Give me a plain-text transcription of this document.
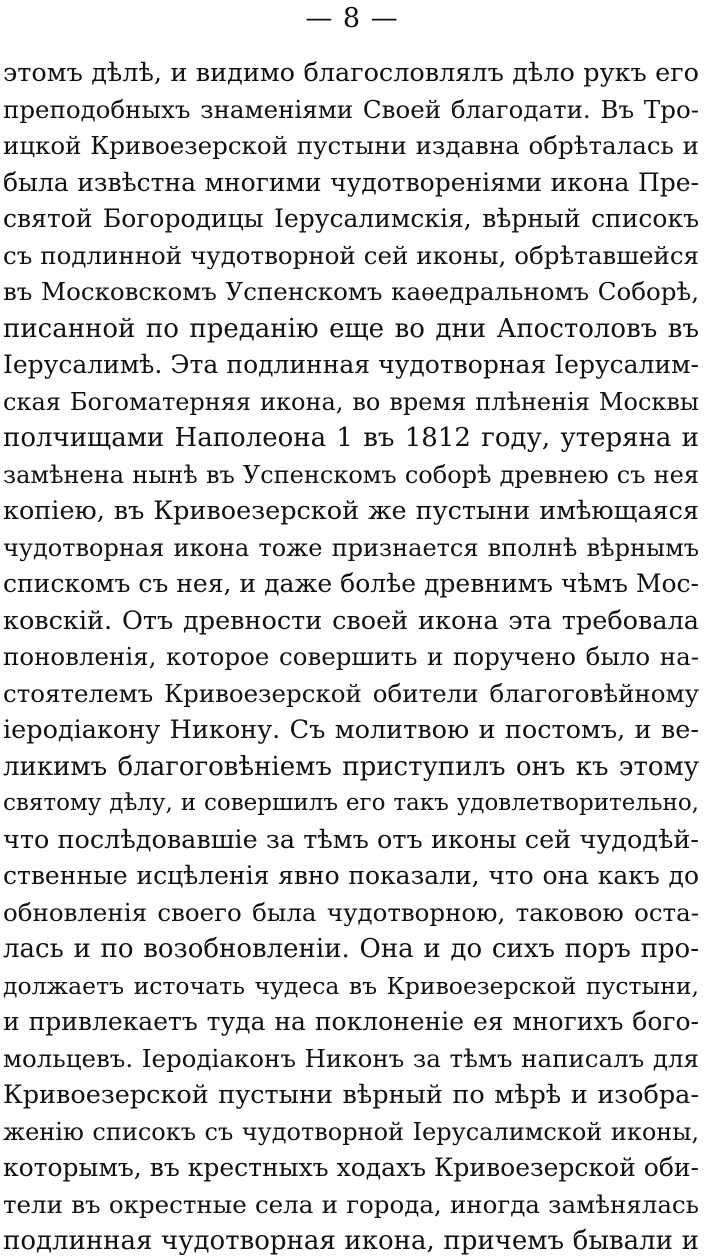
— 8 —
этомъ дѣлѣ, и видимо благословлялъ дѣло рукъ его
преподобныхъ знаменіями Своей благодати. Въ Тро-
ицкой Кривоезерской пустыни издавна обрѣталась и
была извѣстна многими чудотвореніями икона Пре-
святой Богородицы Іерусалимскія, вѣрный списокъ
съ подлинной чудотворной сей иконы, обрѣтавшейся
въ Московскомъ Успенскомъ каѳедральномъ Соборѣ,
писанной по преданію еще во дни Апостоловъ въ
Іерусалимѣ. Эта подлинная чудотворная Іерусалим-
ская Богоматерняя икона, во время плѣненія Москвы
полчищами Наполеона 1 въ 1812 году, утеряна и
замѣнена нынѣ въ Успенскомъ соборѣ древнею съ нея
копіею, въ Кривоезерской же пустыни имѣющаяся
чудотворная икона тоже признается вполнѣ вѣрнымъ
спискомъ съ нея, и даже болѣе древнимъ чѣмъ Мос-
ковскій. Отъ древности своей икона эта требовала
поновленія, которое совершить и поручено было на-
стоятелемъ Кривоезерской обители благоговѣйному
іеродіакону Никону. Съ молитвою и постомъ, и ве-
ликимъ благоговѣніемъ приступилъ онъ къ этому
святому дѣлу, и совершилъ его такъ удовлетворительно,
что послѣдовавшіе за тѣмъ отъ иконы сей чудодѣй-
ственные исцѣленія явно показали, что она какъ до
обновленія своего была чудотворною, таковою оста-
лась и по возобновленіи. Она и до сихъ поръ про-
должаетъ источать чудеса въ Кривоезерской пустыни,
и привлекаетъ туда на поклоненіе ея многихъ бого-
мольцевъ. Іеродіаконъ Никонъ за тѣмъ написалъ для
Кривоезерской пустыни вѣрный по мѣрѣ и изобра-
женію списокъ съ чудотворной Іерусалимской иконы,
которымъ, въ крестныхъ ходахъ Кривоезерской оби-
тели въ окрестные села и города, иногда замѣнялась
подлинная чудотворная икона, причемъ бывали и
